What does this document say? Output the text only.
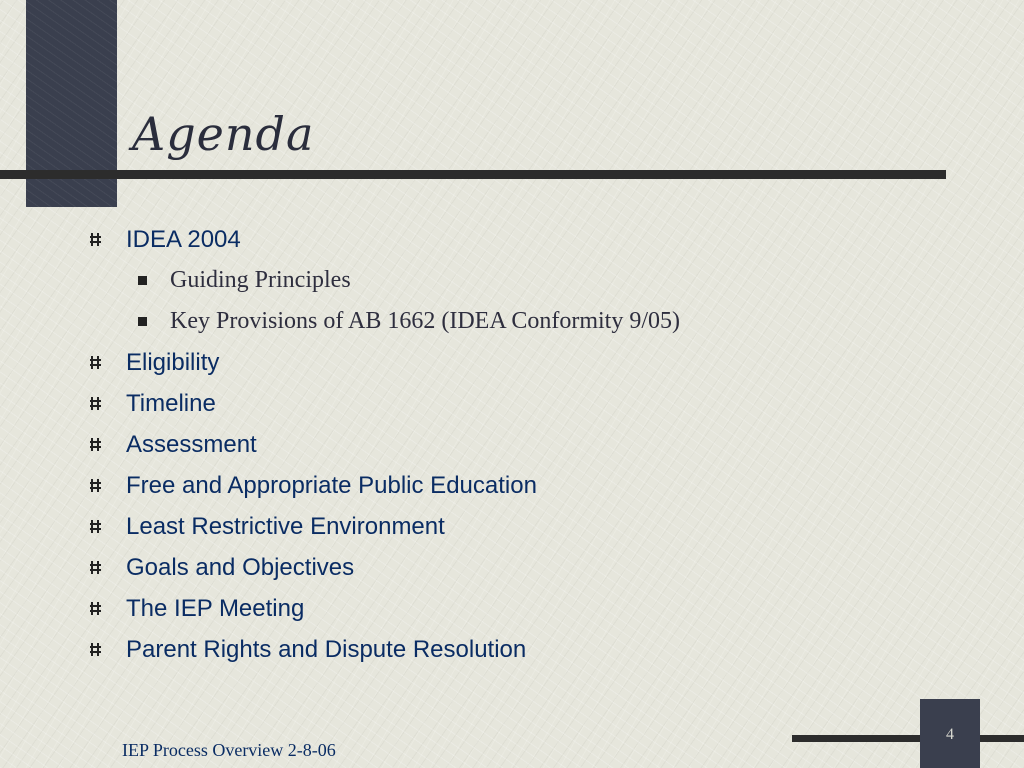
Agenda
IDEA 2004
Guiding Principles
Key Provisions of AB 1662 (IDEA Conformity 9/05)
Eligibility
Timeline
Assessment
Free and Appropriate Public Education
Least Restrictive Environment
Goals and Objectives
The IEP Meeting
Parent Rights and Dispute Resolution
IEP Process Overview 2-8-06
4
